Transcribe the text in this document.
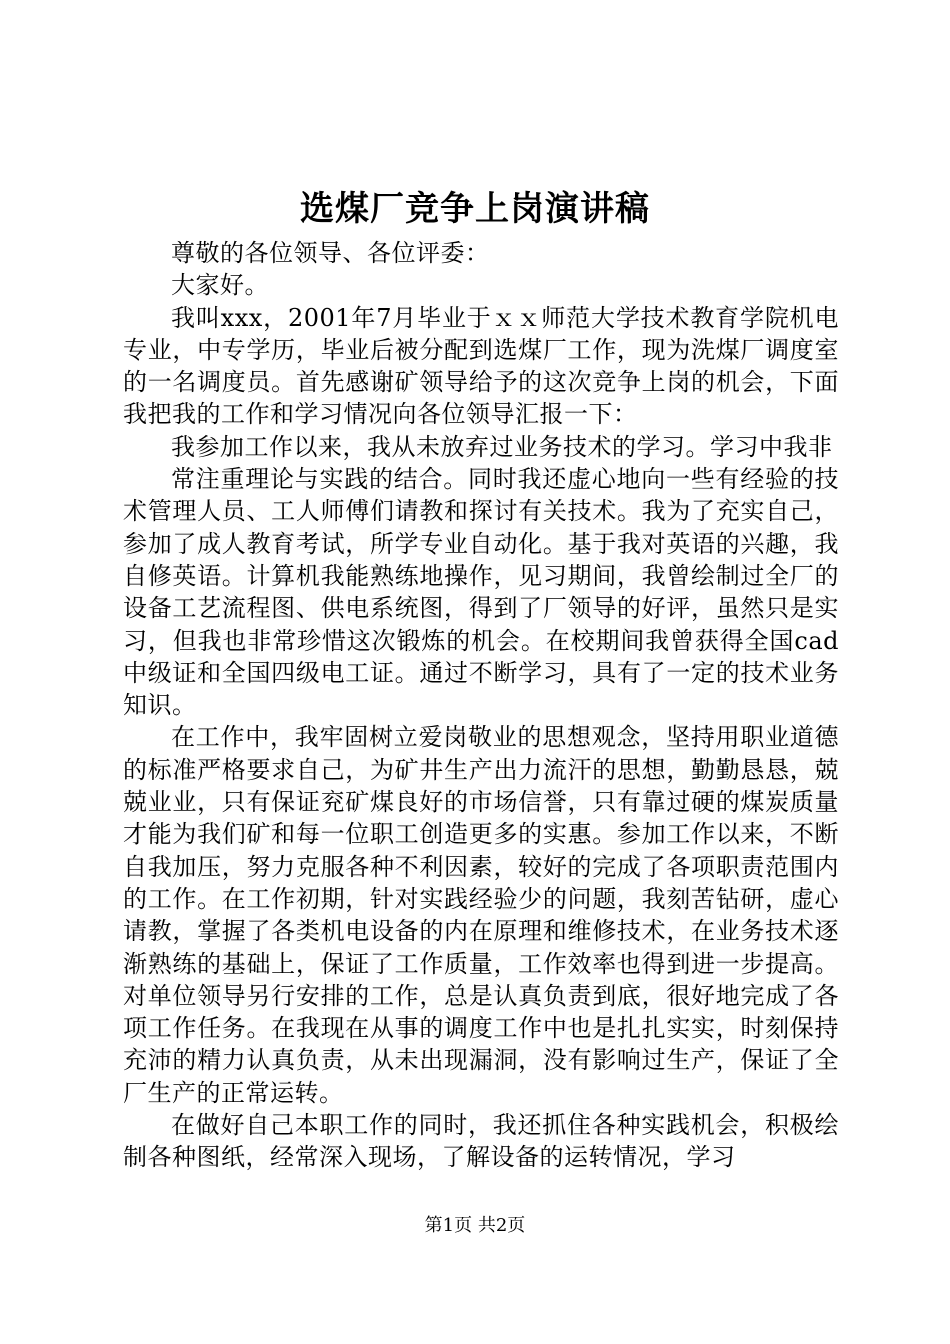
选煤厂竞争上岗演讲稿

尊敬的各位领导、各位评委：

大家好。

我叫xxx，2001年7月毕业于ｘｘ师范大学技术教育学院机电专业，中专学历，毕业后被分配到选煤厂工作，现为洗煤厂调度室的一名调度员。首先感谢矿领导给予的这次竞争上岗的机会，下面我把我的工作和学习情况向各位领导汇报一下：

我参加工作以来，我从未放弃过业务技术的学习。学习中我非

常注重理论与实践的结合。同时我还虚心地向一些有经验的技术管理人员、工人师傅们请教和探讨有关技术。我为了充实自己，参加了成人教育考试，所学专业自动化。基于我对英语的兴趣，我自修英语。计算机我能熟练地操作，见习期间，我曾绘制过全厂的设备工艺流程图、供电系统图，得到了厂领导的好评，虽然只是实习，但我也非常珍惜这次锻炼的机会。在校期间我曾获得全国cad中级证和全国四级电工证。通过不断学习，具有了一定的技术业务知识。

在工作中，我牢固树立爱岗敬业的思想观念，坚持用职业道德的标准严格要求自己，为矿井生产出力流汗的思想，勤勤恳恳，兢兢业业，只有保证兖矿煤良好的市场信誉，只有靠过硬的煤炭质量才能为我们矿和每一位职工创造更多的实惠。参加工作以来，不断自我加压，努力克服各种不利因素，较好的完成了各项职责范围内的工作。在工作初期，针对实践经验少的问题，我刻苦钻研，虚心请教，掌握了各类机电设备的内在原理和维修技术，在业务技术逐渐熟练的基础上，保证了工作质量，工作效率也得到进一步提高。对单位领导另行安排的工作，总是认真负责到底，很好地完成了各项工作任务。在我现在从事的调度工作中也是扎扎实实，时刻保持充沛的精力认真负责，从未出现漏洞，没有影响过生产，保证了全厂生产的正常运转。

在做好自己本职工作的同时，我还抓住各种实践机会，积极绘制各种图纸，经常深入现场，了解设备的运转情况，学习

第1页 共2页
